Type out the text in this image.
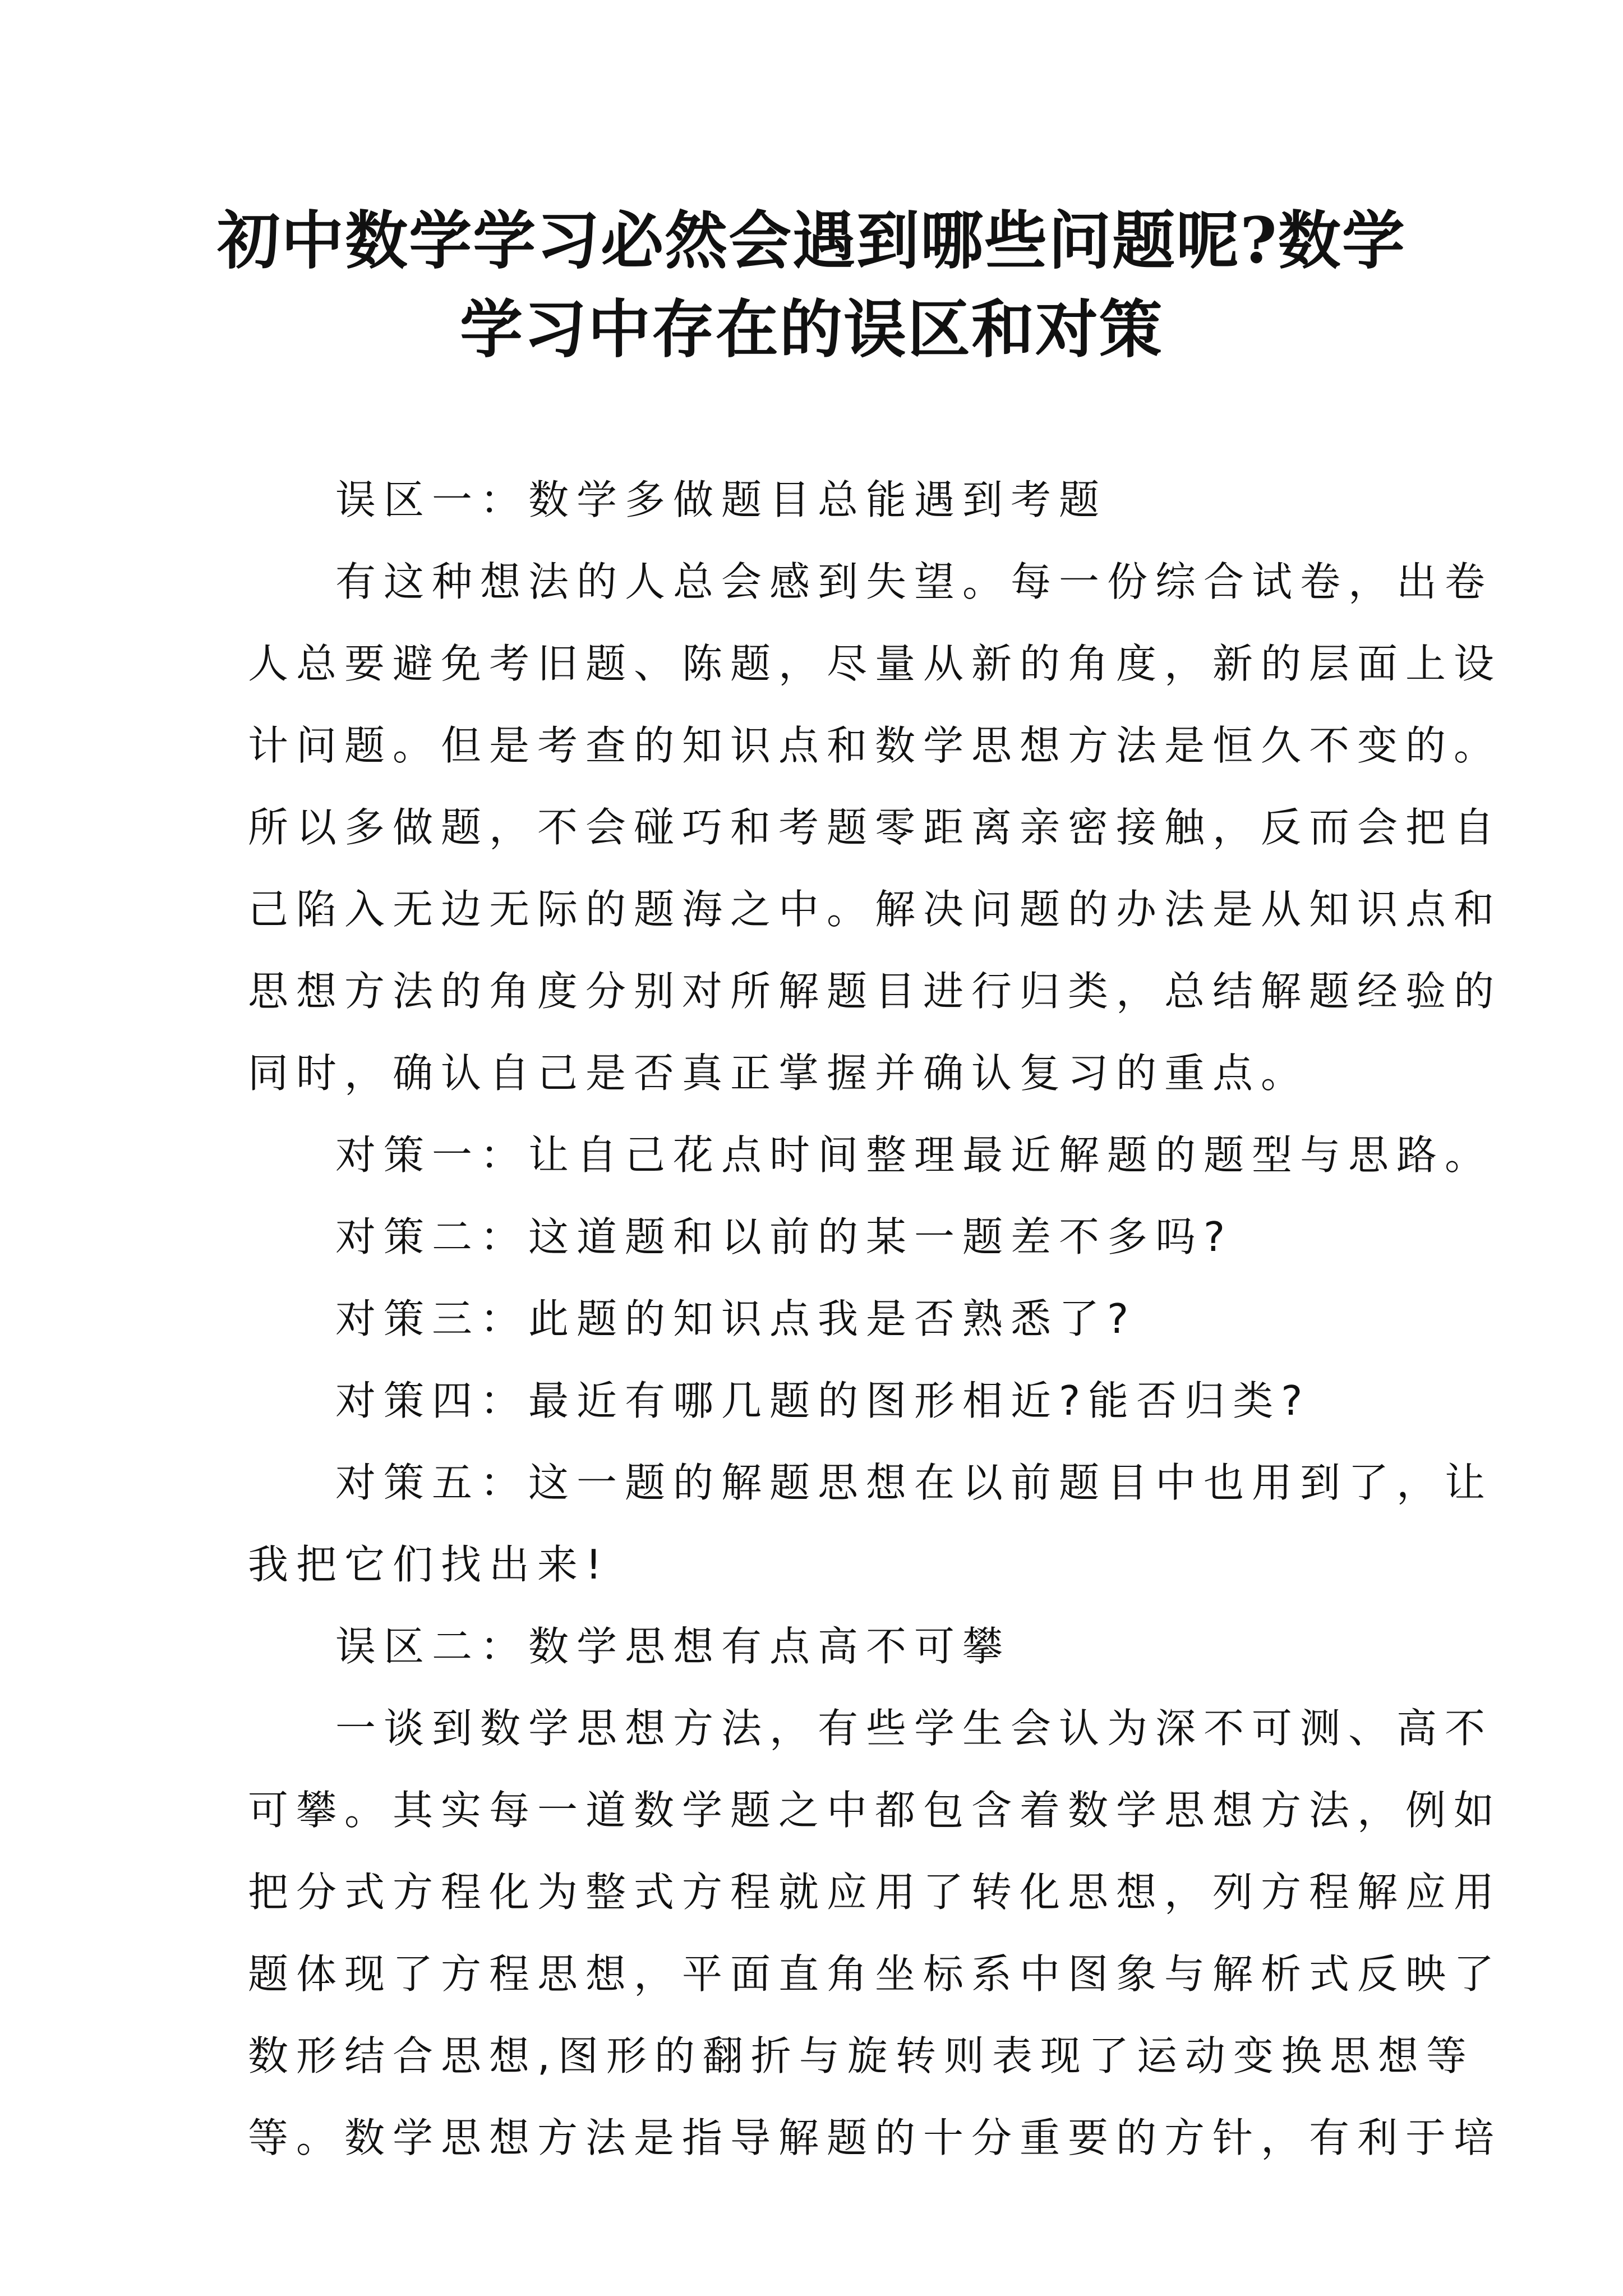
初中数学学习必然会遇到哪些问题呢?数学
学习中存在的误区和对策
误区一：数学多做题目总能遇到考题
有这种想法的人总会感到失望。每一份综合试卷，出卷
人总要避免考旧题、陈题，尽量从新的角度，新的层面上设
计问题。但是考查的知识点和数学思想方法是恒久不变的。
所以多做题，不会碰巧和考题零距离亲密接触，反而会把自
己陷入无边无际的题海之中。解决问题的办法是从知识点和
思想方法的角度分别对所解题目进行归类，总结解题经验的
同时，确认自己是否真正掌握并确认复习的重点。
对策一：让自己花点时间整理最近解题的题型与思路。
对策二：这道题和以前的某一题差不多吗?
对策三：此题的知识点我是否熟悉了?
对策四：最近有哪几题的图形相近?能否归类?
对策五：这一题的解题思想在以前题目中也用到了，让
我把它们找出来!
误区二：数学思想有点高不可攀
一谈到数学思想方法，有些学生会认为深不可测、高不
可攀。其实每一道数学题之中都包含着数学思想方法，例如
把分式方程化为整式方程就应用了转化思想，列方程解应用
题体现了方程思想，平面直角坐标系中图象与解析式反映了
数形结合思想,图形的翻折与旋转则表现了运动变换思想等
等。数学思想方法是指导解题的十分重要的方针，有利于培
